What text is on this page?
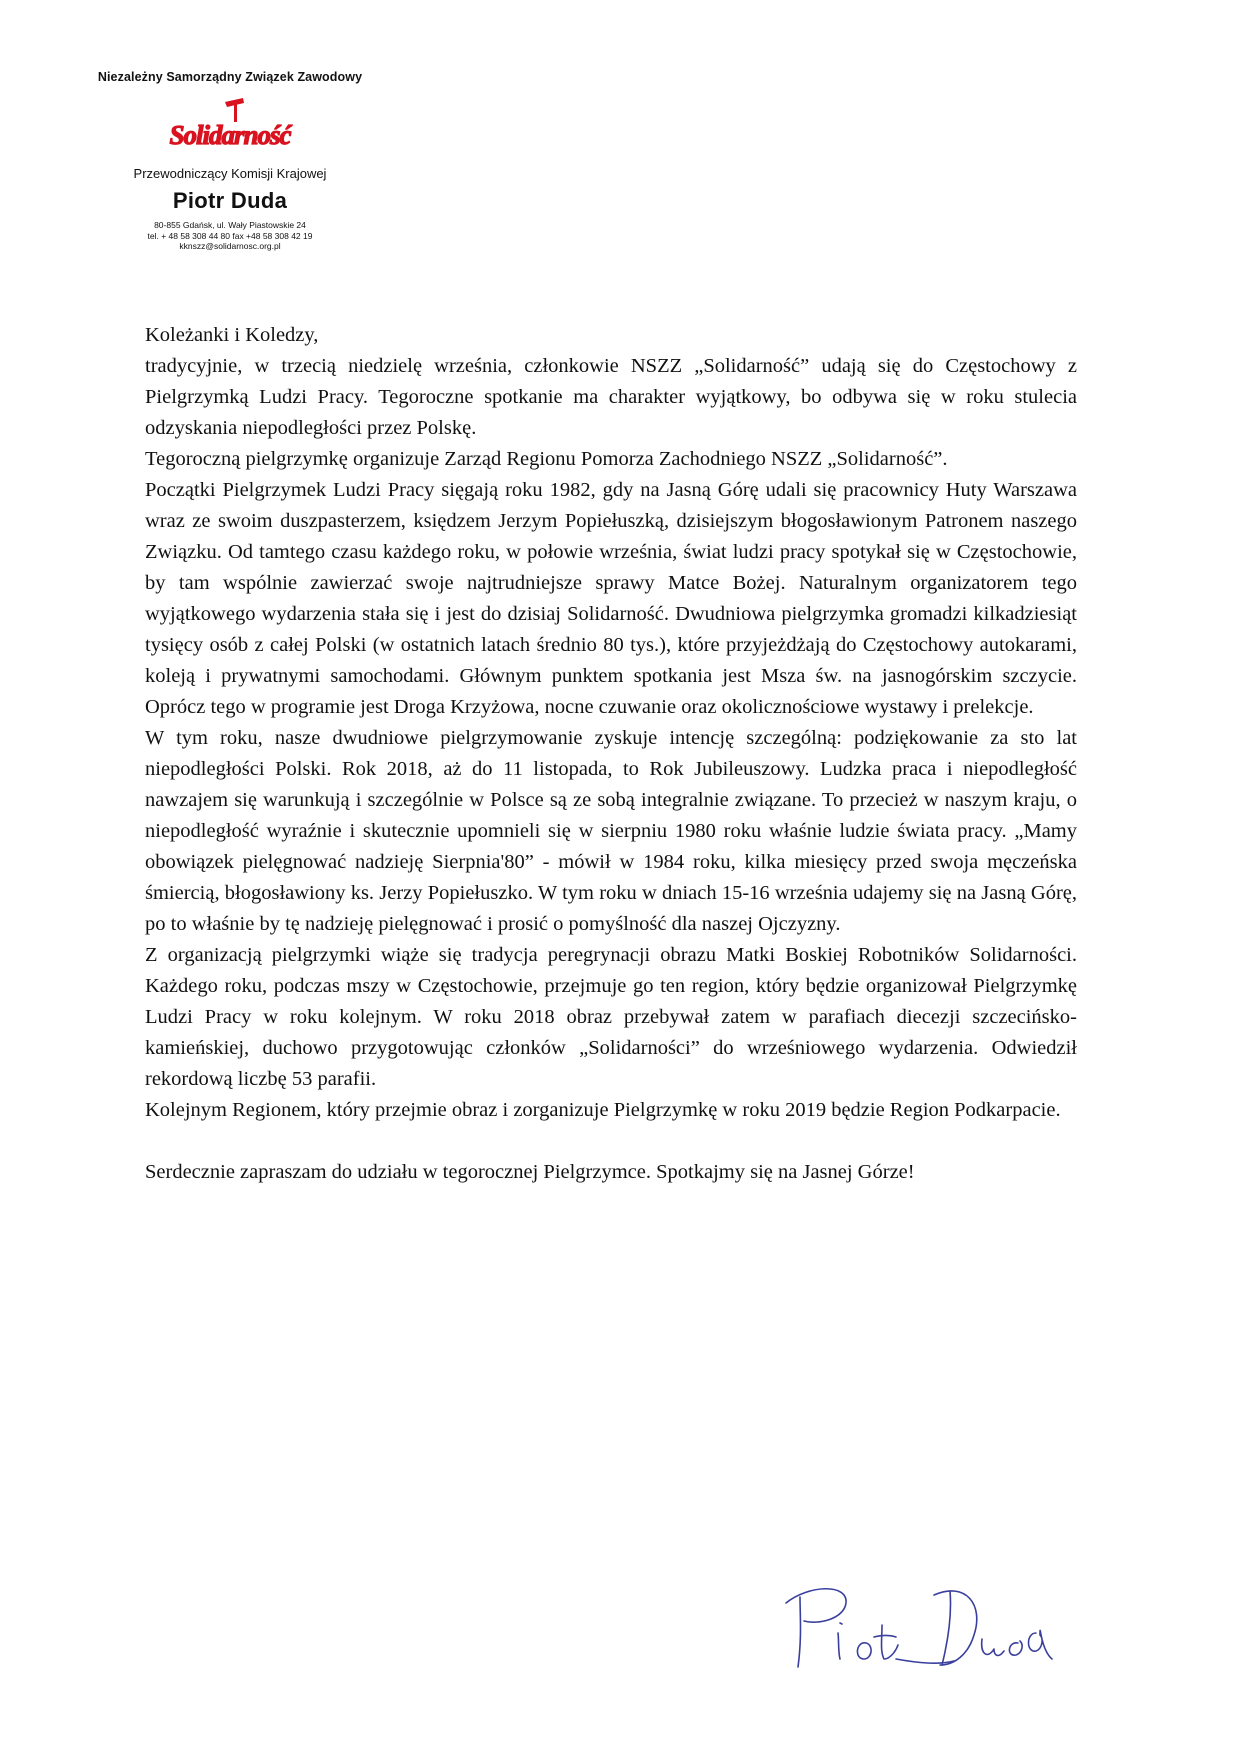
Niezależny Samorządny Związek Zawodowy
Solidarność
Przewodniczący Komisji Krajowej
Piotr Duda
80-855 Gdańsk, ul. Wały Piastowskie 24
tel. + 48 58 308 44 80 fax +48 58 308 42 19
kknszz@solidarnosc.org.pl

Koleżanki i Koledzy,

tradycyjnie, w trzecią niedzielę września, członkowie NSZZ „Solidarność” udają się do Częstochowy z Pielgrzymką Ludzi Pracy. Tegoroczne spotkanie ma charakter wyjątkowy, bo odbywa się w roku stulecia odzyskania niepodległości przez Polskę.

Tegoroczną pielgrzymkę organizuje Zarząd Regionu Pomorza Zachodniego NSZZ „Solidarność”.

Początki Pielgrzymek Ludzi Pracy sięgają roku 1982, gdy na Jasną Górę udali się pracownicy Huty Warszawa wraz ze swoim duszpasterzem, księdzem Jerzym Popiełuszką, dzisiejszym błogosławionym Patronem naszego Związku. Od tamtego czasu każdego roku, w połowie września, świat ludzi pracy spotykał się w Częstochowie, by tam wspólnie zawierzać swoje najtrudniejsze sprawy Matce Bożej. Naturalnym organizatorem tego wyjątkowego wydarzenia stała się i jest do dzisiaj Solidarność. Dwudniowa pielgrzymka gromadzi kilkadziesiąt tysięcy osób z całej Polski (w ostatnich latach średnio 80 tys.), które przyjeżdżają do Częstochowy autokarami, koleją i prywatnymi samochodami. Głównym punktem spotkania jest Msza św. na jasnogórskim szczycie. Oprócz tego w programie jest Droga Krzyżowa, nocne czuwanie oraz okolicznościowe wystawy i prelekcje.

W tym roku, nasze dwudniowe pielgrzymowanie zyskuje intencję szczególną: podziękowanie za sto lat niepodległości Polski. Rok 2018, aż do 11 listopada, to Rok Jubileuszowy. Ludzka praca i niepodległość nawzajem się warunkują i szczególnie w Polsce są ze sobą integralnie związane. To przecież w naszym kraju, o niepodległość wyraźnie i skutecznie upomnieli się w sierpniu 1980 roku właśnie ludzie świata pracy. „Mamy obowiązek pielęgnować nadzieję Sierpnia'80” - mówił w 1984 roku, kilka miesięcy przed swoja męczeńska śmiercią, błogosławiony ks. Jerzy Popiełuszko. W tym roku w dniach 15-16 września udajemy się na Jasną Górę, po to właśnie by tę nadzieję pielęgnować i prosić o pomyślność dla naszej Ojczyzny.

Z organizacją pielgrzymki wiąże się tradycja peregrynacji obrazu Matki Boskiej Robotników Solidarności. Każdego roku, podczas mszy w Częstochowie, przejmuje go ten region, który będzie organizował Pielgrzymkę Ludzi Pracy w roku kolejnym. W roku 2018 obraz przebywał zatem w parafiach diecezji szczecińsko-kamieńskiej, duchowo przygotowując członków „Solidarności” do wrześniowego wydarzenia. Odwiedził rekordową liczbę 53 parafii.

Kolejnym Regionem, który przejmie obraz i zorganizuje Pielgrzymkę w roku 2019 będzie Region Podkarpacie.

Serdecznie zapraszam do udziału w tegorocznej Pielgrzymce. Spotkajmy się na Jasnej Górze!
